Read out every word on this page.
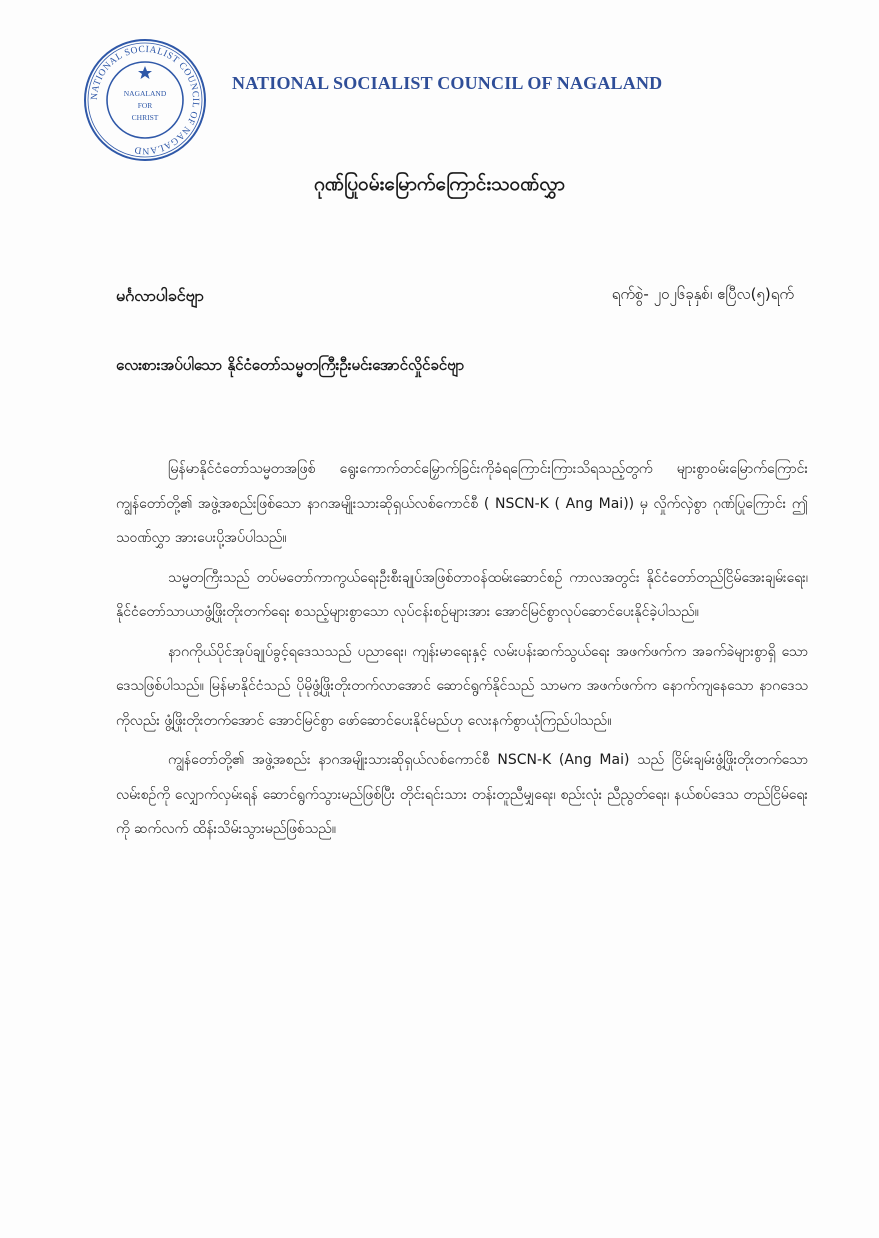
NATIONAL SOCIALIST COUNCIL OF NAGALAND
NAGALAND
FOR
CHRIST
NATIONAL SOCIALIST COUNCIL OF NAGALAND
ဂုဏ်ပြုဝမ်းမြောက်ကြောင်းသဝဏ်လွှာ
မင်္ဂလာပါခင်ဗျာ	ရက်စွဲ- ၂၀၂၆ခုနှစ်၊ ဧပြီလ(၅)ရက်
လေးစားအပ်ပါသော နိုင်ငံတော်သမ္မတကြီးဦးမင်းအောင်လှိုင်ခင်ဗျာ

မြန်မာနိုင်ငံတော်သမ္မတအဖြစ် ရွေးကောက်တင်မြှောက်ခြင်းကိုခံရကြောင်းကြားသိရသည့်တွက် များစွာဝမ်းမြောက်ကြောင်း ကျွန်တော်တို့၏ အဖွဲ့အစည်းဖြစ်သော နာဂအမျိုးသားဆိုရှယ်လစ်ကောင်စီ ( NSCN-K ( Ang Mai)) မှ လှိုက်လှဲစွာ ဂုဏ်ပြုကြောင်း ဤသဝဏ်လွှာ အားပေးပို့အပ်ပါသည်။

သမ္မတကြီးသည် တပ်မတော်ကာကွယ်ရေးဦးစီးချုပ်အဖြစ်တာဝန်ထမ်းဆောင်စဉ် ကာလအတွင်း နိုင်ငံတော်တည်ငြိမ်အေးချမ်းရေး၊ နိုင်ငံတော်သာယာဖွံ့ဖြိုးတိုးတက်ရေး စသည့်များစွာသော လုပ်ငန်းစဉ်များအား အောင်မြင်စွာလုပ်ဆောင်ပေးနိုင်ခဲ့ပါသည်။

နာဂကိုယ်ပိုင်အုပ်ချုပ်ခွင့်ရဒေသသည် ပညာရေး၊ ကျန်းမာရေးနှင့် လမ်းပန်းဆက်သွယ်ရေး အဖက်ဖက်က အခက်ခဲများစွာရှိ သော ဒေသဖြစ်ပါသည်။ မြန်မာနိုင်ငံသည် ပိုမိုဖွံ့ဖြိုးတိုးတက်လာအောင် ဆောင်ရွက်နိုင်သည် သာမက အဖက်ဖက်က နောက်ကျနေသော နာဂဒေသကိုလည်း ဖွံ့ဖြိုးတိုးတက်အောင် အောင်မြင်စွာ ဖော်ဆောင်ပေးနိုင်မည်ဟု လေးနက်စွာယုံကြည်ပါသည်။

ကျွန်တော်တို့၏ အဖွဲ့အစည်း နာဂအမျိုးသားဆိုရှယ်လစ်ကောင်စီ NSCN-K (Ang Mai) သည် ငြိမ်းချမ်းဖွံ့ဖြိုးတိုးတက်သော လမ်းစဉ်ကို လျှောက်လှမ်းရန် ဆောင်ရွက်သွားမည်ဖြစ်ပြီး တိုင်းရင်းသား တန်းတူညီမျှရေး၊ စည်းလုံး ညီညွတ်ရေး၊ နယ်စပ်ဒေသ တည်ငြိမ်ရေးကို ဆက်လက် ထိန်းသိမ်းသွားမည်ဖြစ်သည်။
